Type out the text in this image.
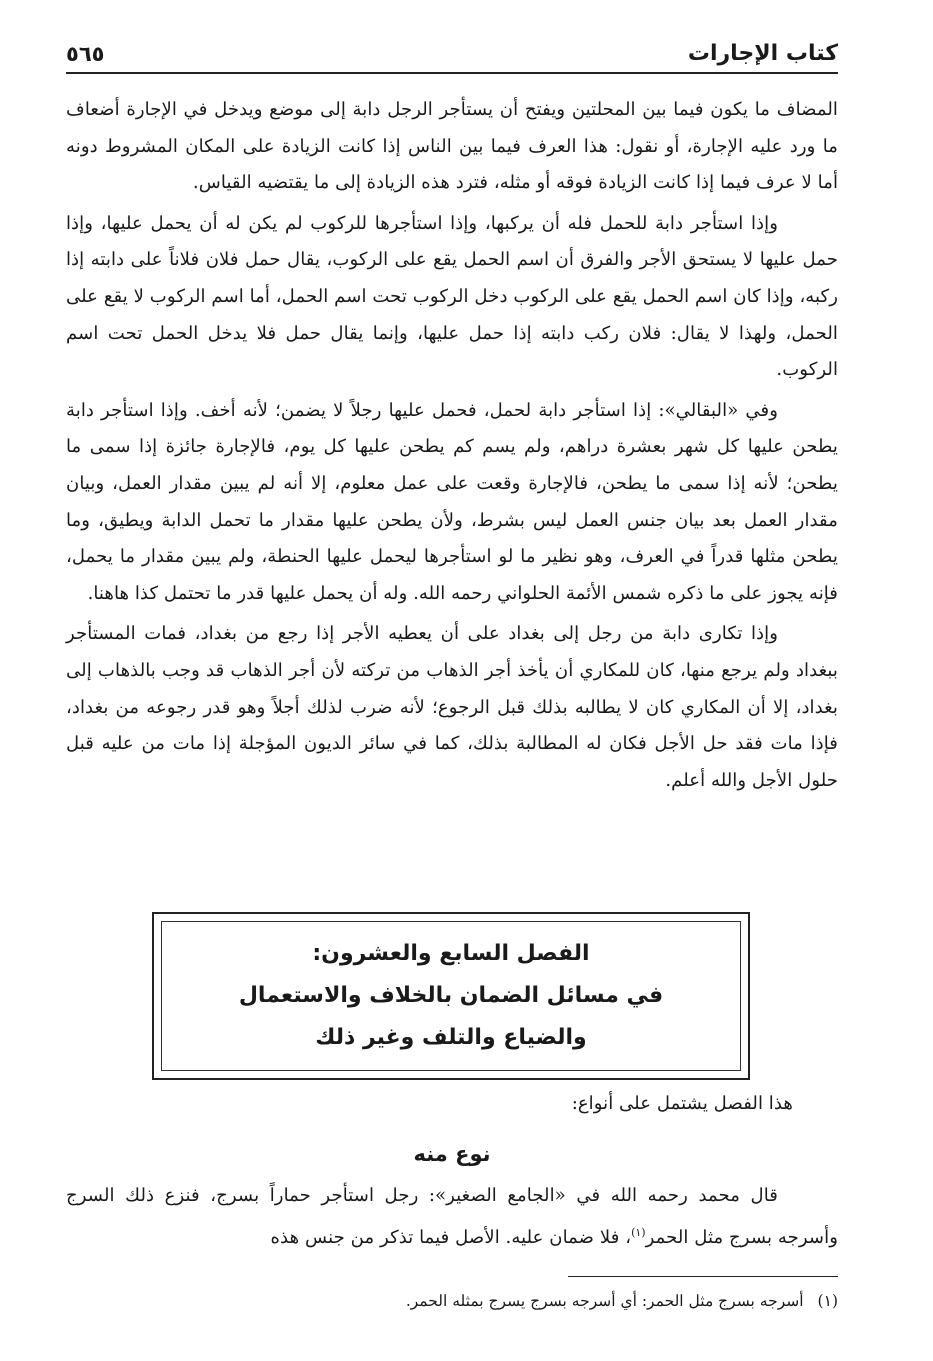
كتاب الإجارات
٥٦٥

المضاف ما يكون فيما بين المحلتين ويفتح أن يستأجر الرجل دابة إلى موضع ويدخل في الإجارة أضعاف ما ورد عليه الإجارة، أو نقول: هذا العرف فيما بين الناس إذا كانت الزيادة على المكان المشروط دونه أما لا عرف فيما إذا كانت الزيادة فوقه أو مثله، فترد هذه الزيادة إلى ما يقتضيه القياس.

وإذا استأجر دابة للحمل فله أن يركبها، وإذا استأجرها للركوب لم يكن له أن يحمل عليها، وإذا حمل عليها لا يستحق الأجر والفرق أن اسم الحمل يقع على الركوب، يقال حمل فلان فلاناً على دابته إذا ركبه، وإذا كان اسم الحمل يقع على الركوب دخل الركوب تحت اسم الحمل، أما اسم الركوب لا يقع على الحمل، ولهذا لا يقال: فلان ركب دابته إذا حمل عليها، وإنما يقال حمل فلا يدخل الحمل تحت اسم الركوب.

وفي «البقالي»: إذا استأجر دابة لحمل، فحمل عليها رجلاً لا يضمن؛ لأنه أخف. وإذا استأجر دابة يطحن عليها كل شهر بعشرة دراهم، ولم يسم كم يطحن عليها كل يوم، فالإجارة جائزة إذا سمى ما يطحن؛ لأنه إذا سمى ما يطحن، فالإجارة وقعت على عمل معلوم، إلا أنه لم يبين مقدار العمل، وبيان مقدار العمل بعد بيان جنس العمل ليس بشرط، ولأن يطحن عليها مقدار ما تحمل الدابة ويطيق، وما يطحن مثلها قدراً في العرف، وهو نظير ما لو استأجرها ليحمل عليها الحنطة، ولم يبين مقدار ما يحمل، فإنه يجوز على ما ذكره شمس الأئمة الحلواني رحمه الله. وله أن يحمل عليها قدر ما تحتمل كذا هاهنا.

وإذا تكارى دابة من رجل إلى بغداد على أن يعطيه الأجر إذا رجع من بغداد، فمات المستأجر ببغداد ولم يرجع منها، كان للمكاري أن يأخذ أجر الذهاب من تركته لأن أجر الذهاب قد وجب بالذهاب إلى بغداد، إلا أن المكاري كان لا يطالبه بذلك قبل الرجوع؛ لأنه ضرب لذلك أجلاً وهو قدر رجوعه من بغداد، فإذا مات فقد حل الأجل فكان له المطالبة بذلك، كما في سائر الديون المؤجلة إذا مات من عليه قبل حلول الأجل والله أعلم.

الفصل السابع والعشرون:
في مسائل الضمان بالخلاف والاستعمال
والضياع والتلف وغير ذلك
هذا الفصل يشتمل على أنواع:
نوع منه

قال محمد رحمه الله في «الجامع الصغير»: رجل استأجر حماراً بسرج، فنزع ذلك السرج وأسرجه بسرج مثل الحمر$^{(١)}$، فلا ضمان عليه. الأصل فيما تذكر من جنس هذه

(١)أسرجه بسرج مثل الحمر: أي أسرجه بسرج يسرج بمثله الحمر.
